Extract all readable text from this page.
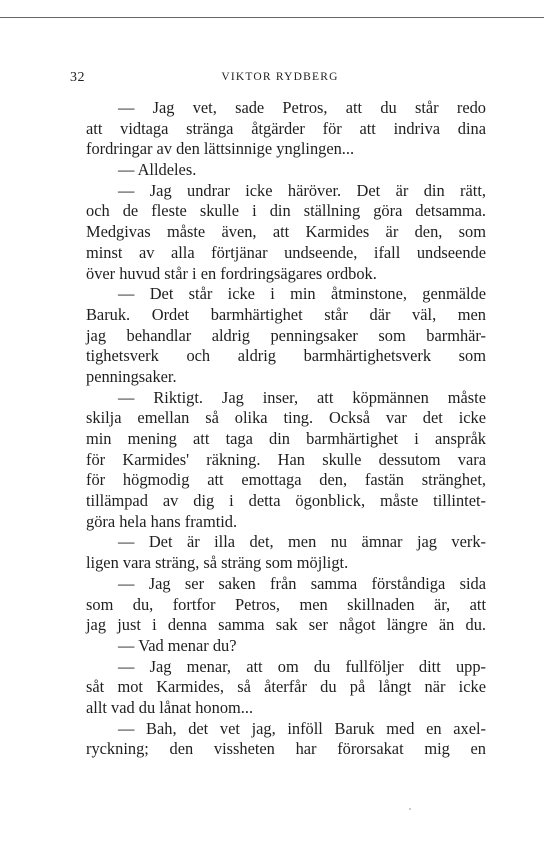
32	VIKTOR RYDBERG
— Jag vet, sade Petros, att du står redo
att vidtaga stränga åtgärder för att indriva dina
fordringar av den lättsinnige ynglingen...
— Alldeles.
— Jag undrar icke häröver. Det är din rätt,
och de fleste skulle i din ställning göra detsamma.
Medgivas måste även, att Karmides är den, som
minst av alla förtjänar undseende, ifall undseende
över huvud står i en fordringsägares ordbok.
— Det står icke i min åtminstone, genmälde
Baruk. Ordet barmhärtighet står där väl, men
jag behandlar aldrig penningsaker som barmhär-
tighetsverk och aldrig barmhärtighetsverk som
penningsaker.
— Riktigt. Jag inser, att köpmännen måste
skilja emellan så olika ting. Också var det icke
min mening att taga din barmhärtighet i anspråk
för Karmides' räkning. Han skulle dessutom vara
för högmodig att emottaga den, fastän stränghet,
tillämpad av dig i detta ögonblick, måste tillintet-
göra hela hans framtid.
— Det är illa det, men nu ämnar jag verk-
ligen vara sträng, så sträng som möjligt.
— Jag ser saken från samma förståndiga sida
som du, fortfor Petros, men skillnaden är, att
jag just i denna samma sak ser något längre än du.
— Vad menar du?
— Jag menar, att om du fullföljer ditt upp-
såt mot Karmides, så återfår du på långt när icke
allt vad du lånat honom...
— Bah, det vet jag, inföll Baruk med en axel-
ryckning; den vissheten har förorsakat mig en
